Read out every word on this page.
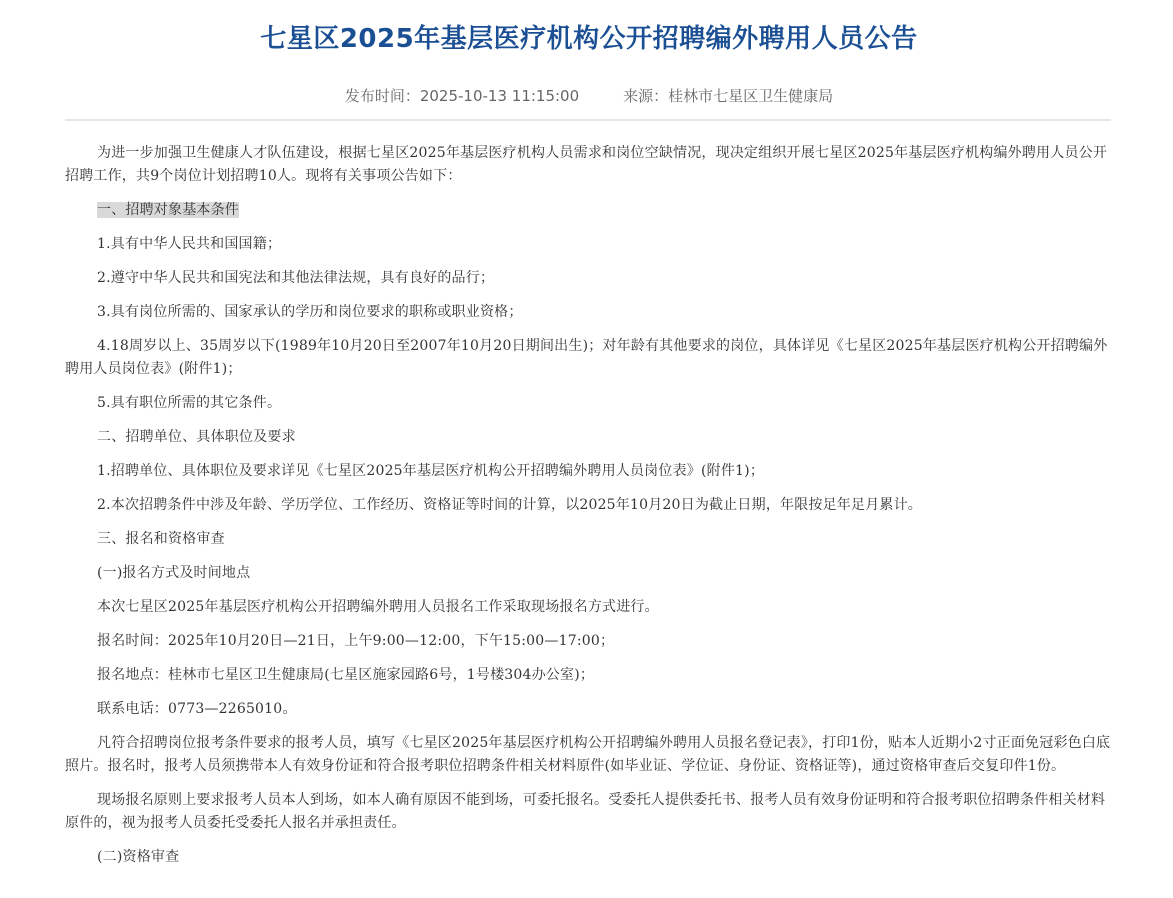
七星区2025年基层医疗机构公开招聘编外聘用人员公告
发布时间：2025-10-13 11:15:00	来源：桂林市七星区卫生健康局

为进一步加强卫生健康人才队伍建设，根据七星区2025年基层医疗机构人员需求和岗位空缺情况，现决定组织开展七星区2025年基层医疗机构编外聘用人员公开招聘工作，共9个岗位计划招聘10人。现将有关事项公告如下：

一、招聘对象基本条件

1.具有中华人民共和国国籍；

2.遵守中华人民共和国宪法和其他法律法规，具有良好的品行；

3.具有岗位所需的、国家承认的学历和岗位要求的职称或职业资格；

4.18周岁以上、35周岁以下(1989年10月20日至2007年10月20日期间出生)；对年龄有其他要求的岗位，具体详见《七星区2025年基层医疗机构公开招聘编外聘用人员岗位表》(附件1)；

5.具有职位所需的其它条件。

二、招聘单位、具体职位及要求

1.招聘单位、具体职位及要求详见《七星区2025年基层医疗机构公开招聘编外聘用人员岗位表》(附件1)；

2.本次招聘条件中涉及年龄、学历学位、工作经历、资格证等时间的计算，以2025年10月20日为截止日期，年限按足年足月累计。

三、报名和资格审查

(一)报名方式及时间地点

本次七星区2025年基层医疗机构公开招聘编外聘用人员报名工作采取现场报名方式进行。

报名时间：2025年10月20日—21日，上午9:00—12:00，下午15:00—17:00；

报名地点：桂林市七星区卫生健康局(七星区施家园路6号，1号楼304办公室)；

联系电话：0773—2265010。

凡符合招聘岗位报考条件要求的报考人员，填写《七星区2025年基层医疗机构公开招聘编外聘用人员报名登记表》，打印1份，贴本人近期小2寸正面免冠彩色白底照片。报名时，报考人员须携带本人有效身份证和符合报考职位招聘条件相关材料原件(如毕业证、学位证、身份证、资格证等)，通过资格审查后交复印件1份。

现场报名原则上要求报考人员本人到场，如本人确有原因不能到场，可委托报名。受委托人提供委托书、报考人员有效身份证明和符合报考职位招聘条件相关材料原件的，视为报考人员委托受委托人报名并承担责任。

(二)资格审查
